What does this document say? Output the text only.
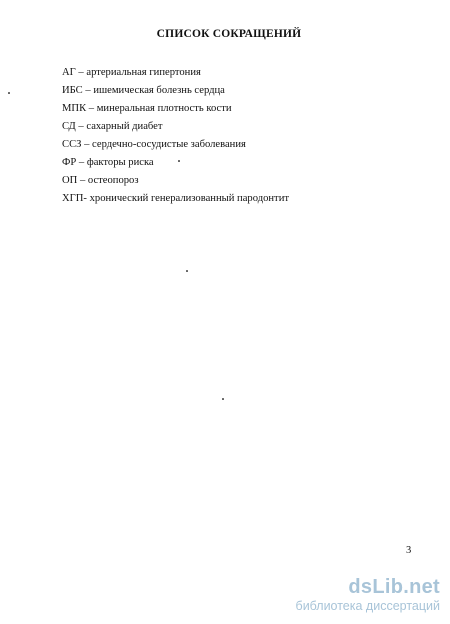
СПИСОК СОКРАЩЕНИЙ
АГ – артериальная гипертония
ИБС – ишемическая болезнь сердца
МПК – минеральная плотность кости
СД – сахарный диабет
ССЗ – сердечно-сосудистые заболевания
ФР – факторы риска
ОП – остеопороз
ХГП- хронический генерализованный пародонтит
3
dsLib.net
библиотека диссертаций
